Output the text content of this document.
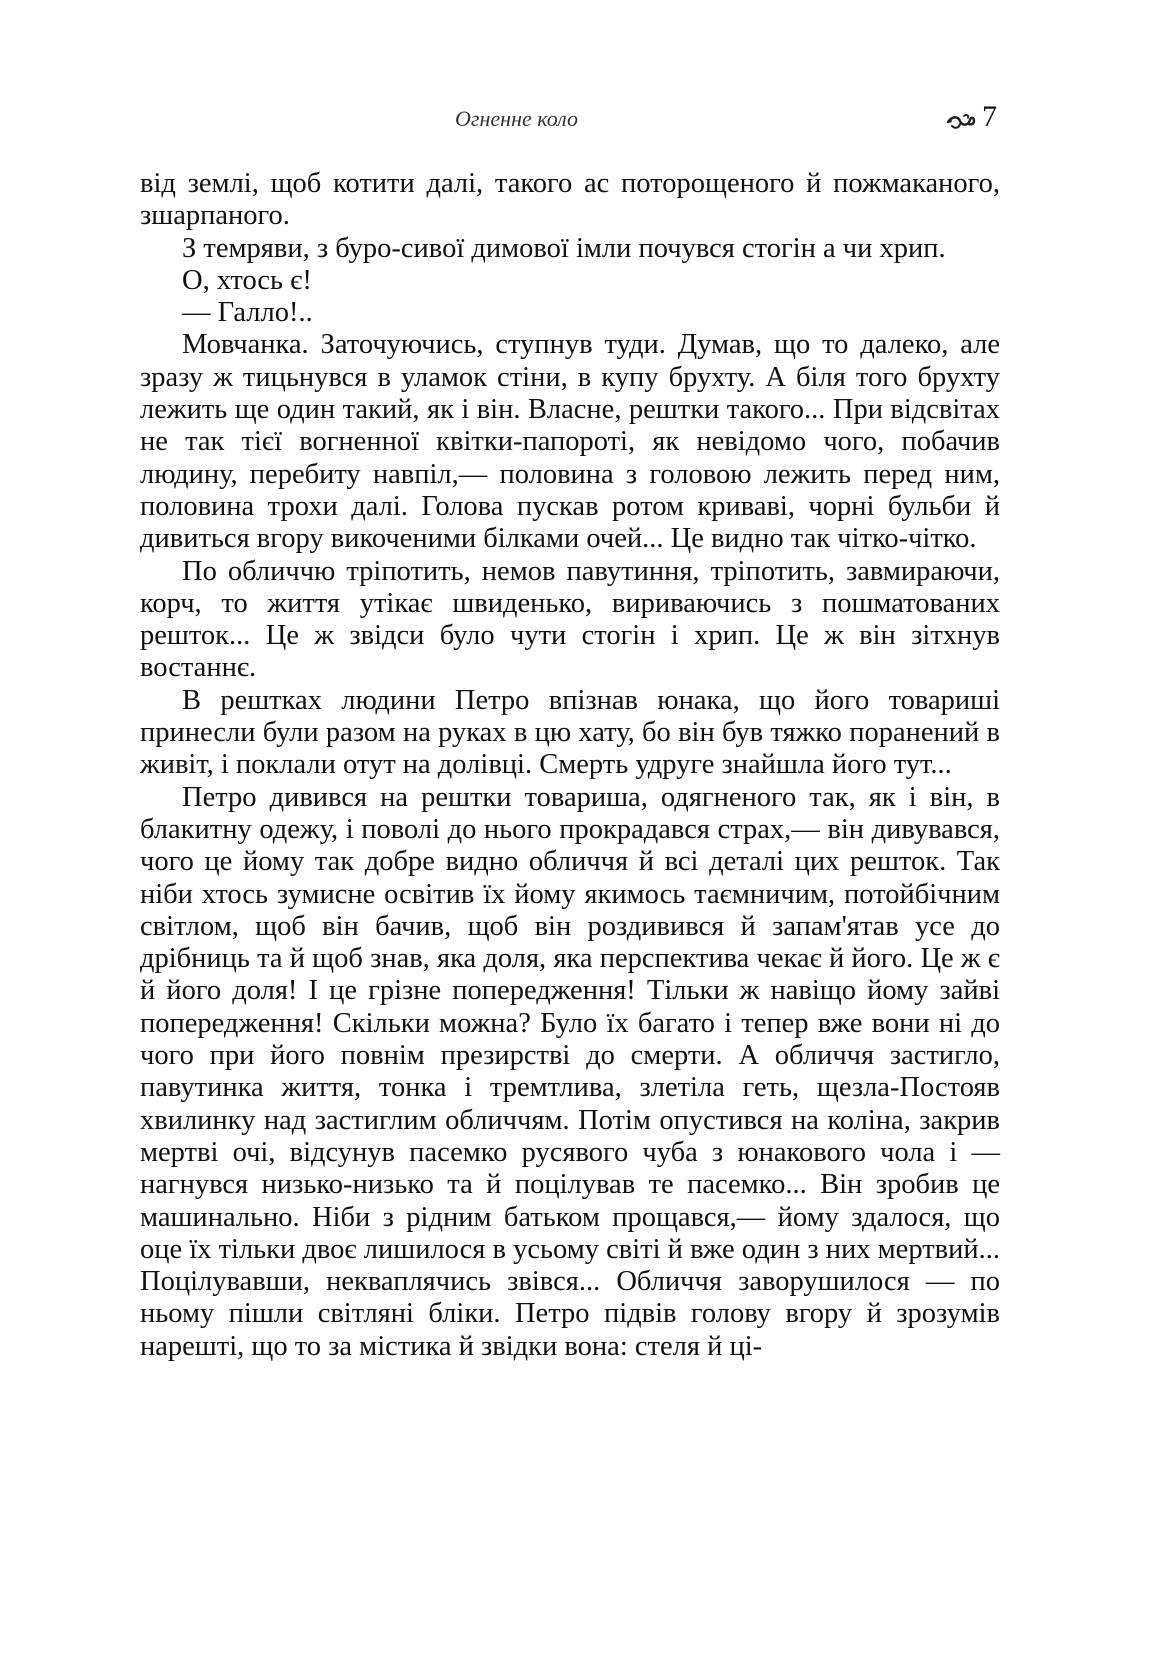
Огненне коло	7

від землі, щоб котити далі, такого ас поторощеного й пожмаканого, зшарпаного.

З темряви, з буро-сивої димової імли почувся стогін а чи хрип.

О, хтось є!

— Галло!..

Мовчанка. Заточуючись, ступнув туди. Думав, що то далеко, але зразу ж тицьнувся в уламок стіни, в купу брухту. А біля того брухту лежить ще один такий, як і він. Власне, рештки такого... При відсвітах не так тієї вогненної квітки-папороті, як невідомо чого, побачив людину, перебиту навпіл,— половина з головою лежить перед ним, половина трохи далі. Голова пускав ротом криваві, чорні бульби й дивиться вгору викоченими білками очей... Це видно так чітко-чітко.

По обличчю тріпотить, немов павутиння, тріпотить, завмираючи, корч, то життя утікає швиденько, вириваючись з пошматованих решток... Це ж звідси було чути стогін і хрип. Це ж він зітхнув востаннє.

В рештках людини Петро впізнав юнака, що його товариші принесли були разом на руках в цю хату, бо він був тяжко поранений в живіт, і поклали отут на долівці. Смерть удруге знайшла його тут...

Петро дивився на рештки товариша, одягненого так, як і він, в блакитну одежу, і поволі до нього прокрадався страх,— він дивувався, чого це йому так добре видно обличчя й всі деталі цих решток. Так ніби хтось зумисне освітив їх йому якимось таємничим, потойбічним світлом, щоб він бачив, щоб він роздивився й запам'ятав усе до дрібниць та й щоб знав, яка доля, яка перспектива чекає й його. Це ж є й його доля! І це грізне попередження! Тільки ж навіщо йому зайві попередження! Скільки можна? Було їх багато і тепер вже вони ні до чого при його повнім презирстві до смерти. А обличчя застигло, павутинка життя, тонка і тремтлива, злетіла геть, щезла-Постояв хвилинку над застиглим обличчям. Потім опустився на коліна, закрив мертві очі, відсунув пасемко русявого чуба з юнакового чола і — нагнувся низько-низько та й поцілував те пасемко... Він зробив це машинально. Ніби з рідним батьком прощався,— йому здалося, що оце їх тільки двоє лишилося в усьому світі й вже один з них мертвий... Поцілувавши, некваплячись звівся... Обличчя заворушилося — по ньому пішли світляні бліки. Петро підвів голову вгору й зрозумів нарешті, що то за містика й звідки вона: стеля й ці-
